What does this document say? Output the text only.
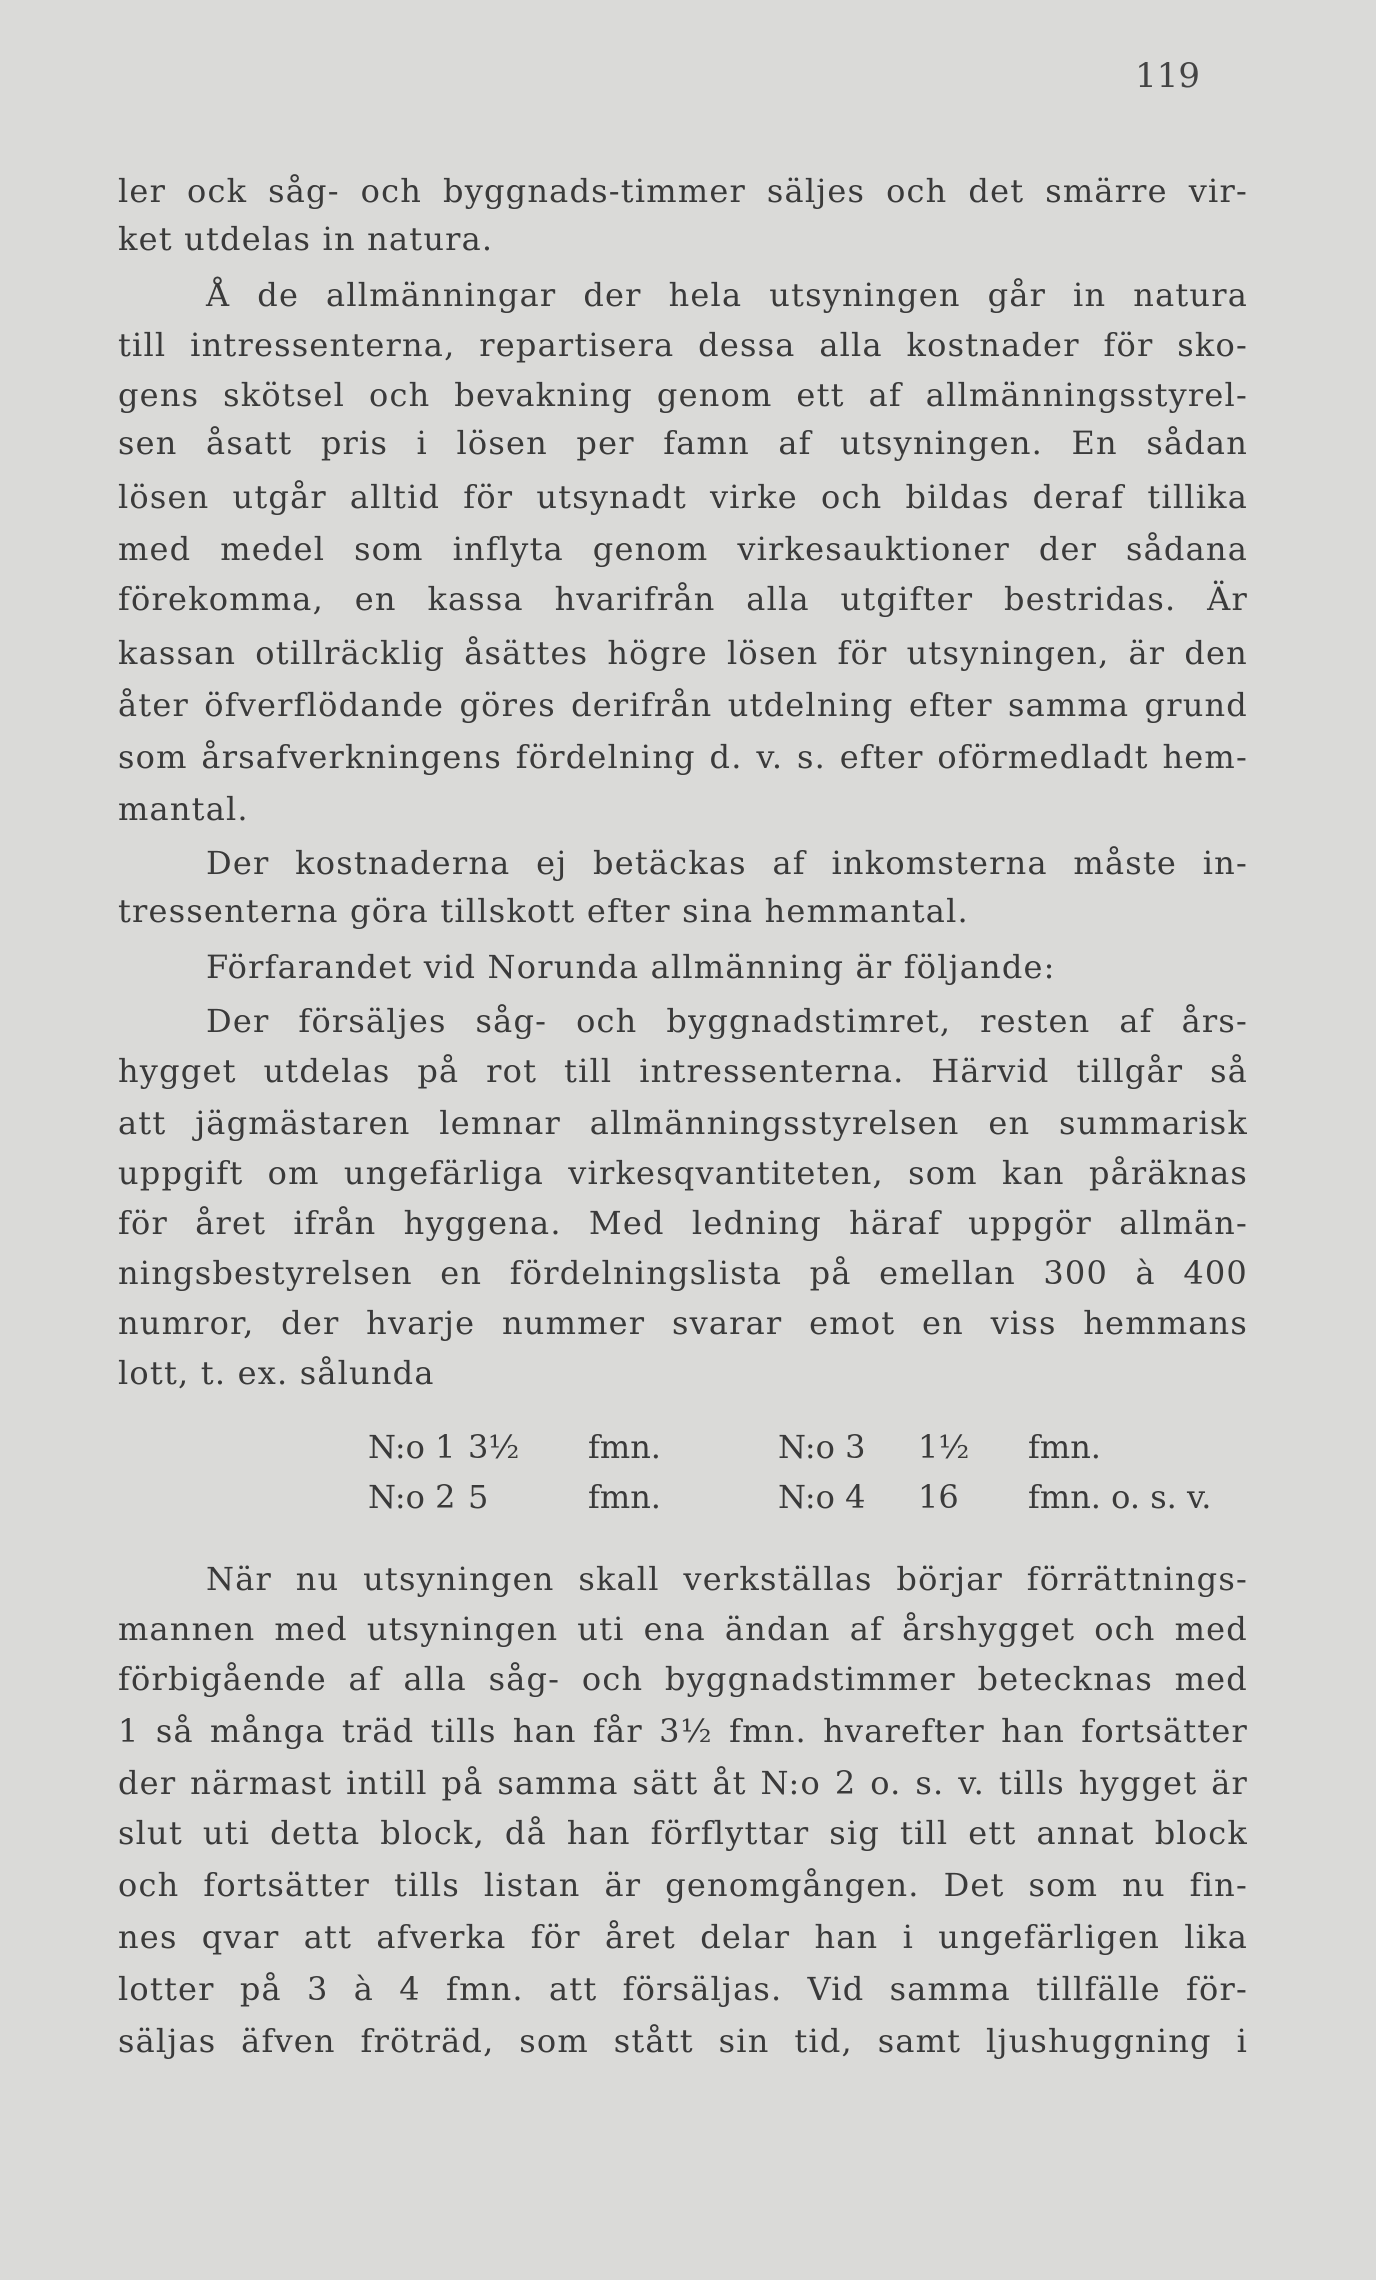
119
ler ock såg- och byggnads-timmer säljes och det smärre vir-
ket utdelas in natura.
Å de allmänningar der hela utsyningen går in natura
till intressenterna, repartisera dessa alla kostnader för sko-
gens skötsel och bevakning genom ett af allmänningsstyrel-
sen åsatt pris i lösen per famn af utsyningen. En sådan
lösen utgår alltid för utsynadt virke och bildas deraf tillika
med medel som inflyta genom virkesauktioner der sådana
förekomma, en kassa hvarifrån alla utgifter bestridas. Är
kassan otillräcklig åsättes högre lösen för utsyningen, är den
åter öfverflödande göres derifrån utdelning efter samma grund
som årsafverkningens fördelning d. v. s. efter oförmedladt hem-
mantal.
Der kostnaderna ej betäckas af inkomsterna måste in-
tressenterna göra tillskott efter sina hemmantal.
Förfarandet vid Norunda allmänning är följande:
Der försäljes såg- och byggnadstimret, resten af års-
hygget utdelas på rot till intressenterna. Härvid tillgår så
att jägmästaren lemnar allmänningsstyrelsen en summarisk
uppgift om ungefärliga virkesqvantiteten, som kan påräknas
för året ifrån hyggena. Med ledning häraf uppgör allmän-
ningsbestyrelsen en fördelningslista på emellan 300 à 400
numror, der hvarje nummer svarar emot en viss hemmans
lott, t. ex. sålunda
N:o 1 3½ fmn.	N:o 3 1½ fmn.
N:o 2 5	fmn.	N:o 4 16 fmn. o. s. v.
När nu utsyningen skall verkställas börjar förrättnings-
mannen med utsyningen uti ena ändan af årshygget och med
förbigående af alla såg- och byggnadstimmer betecknas med
1 så många träd tills han får 3½ fmn. hvarefter han fortsätter
der närmast intill på samma sätt åt N:o 2 o. s. v. tills hygget är
slut uti detta block, då han förflyttar sig till ett annat block
och fortsätter tills listan är genomgången. Det som nu fin-
nes qvar att afverka för året delar han i ungefärligen lika
lotter på 3 à 4 fmn. att försäljas. Vid samma tillfälle för-
säljas äfven fröträd, som stått sin tid, samt ljushuggning i
